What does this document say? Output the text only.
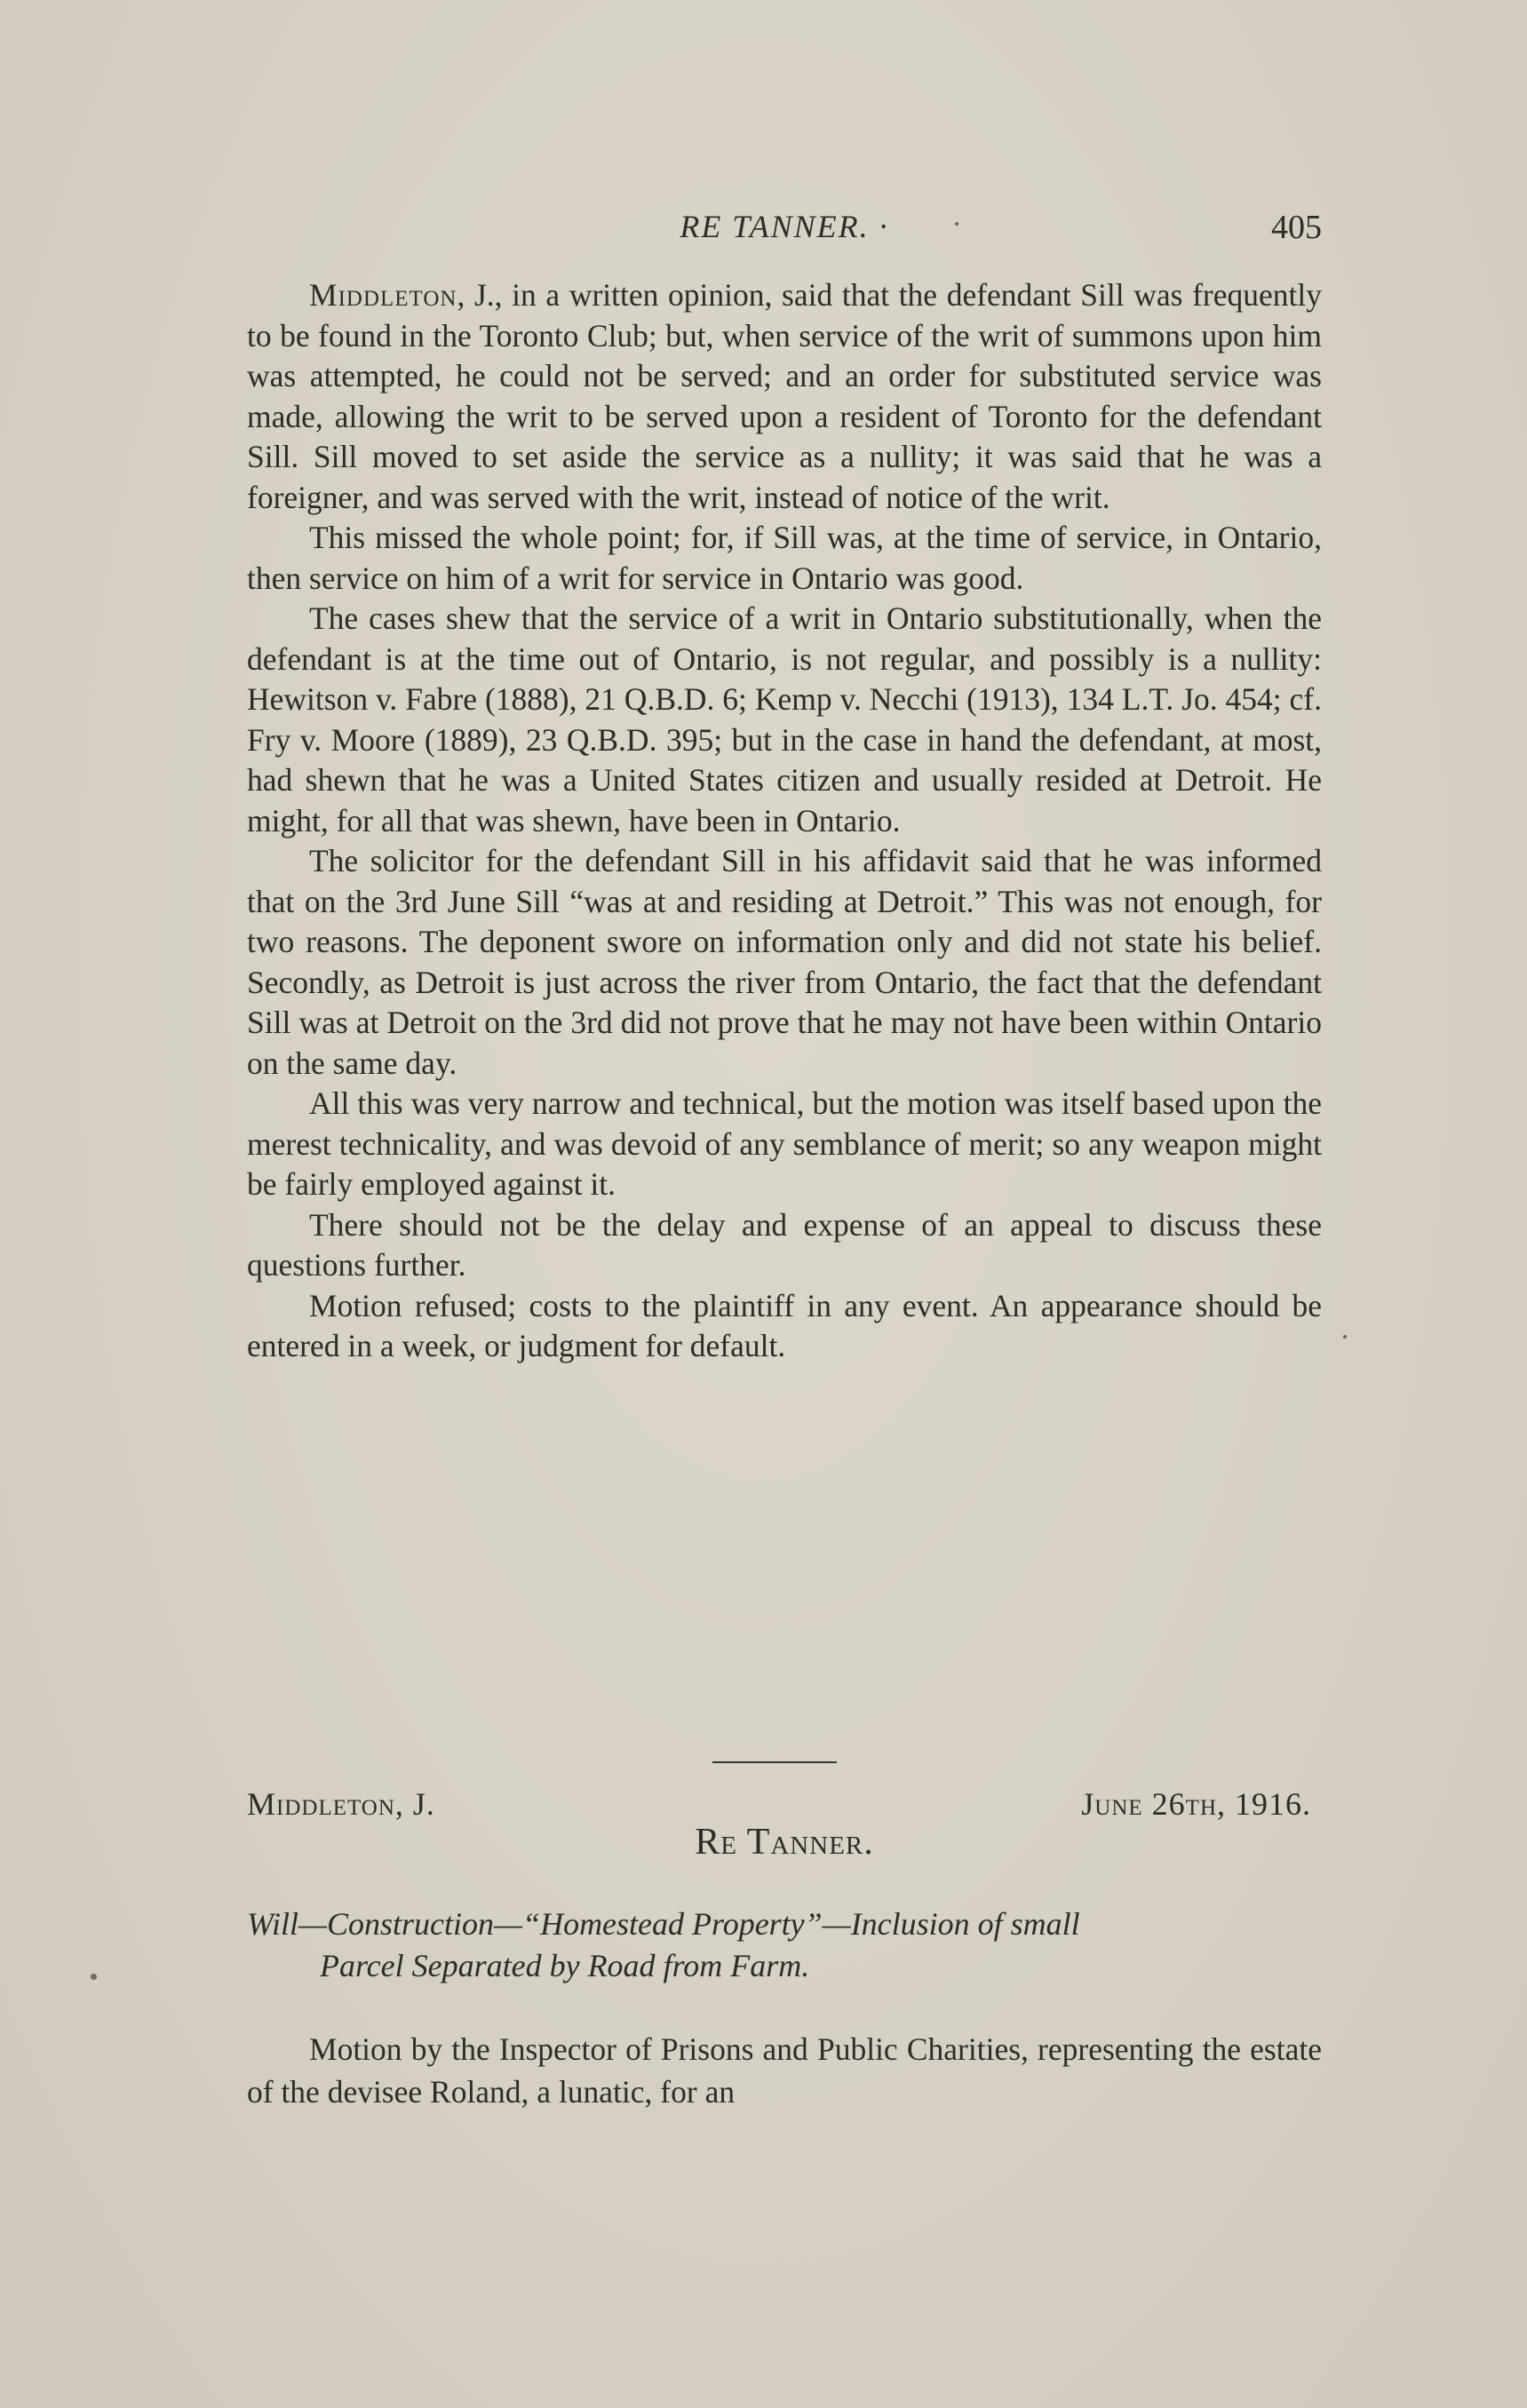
RE TANNER. ·	405

Middleton, J., in a written opinion, said that the defendant Sill was frequently to be found in the Toronto Club; but, when service of the writ of summons upon him was attempted, he could not be served; and an order for substituted service was made, allowing the writ to be served upon a resident of Toronto for the defendant Sill. Sill moved to set aside the service as a nullity; it was said that he was a foreigner, and was served with the writ, instead of notice of the writ.

This missed the whole point; for, if Sill was, at the time of service, in Ontario, then service on him of a writ for service in Ontario was good.

The cases shew that the service of a writ in Ontario substitutionally, when the defendant is at the time out of Ontario, is not regular, and possibly is a nullity: Hewitson v. Fabre (1888), 21 Q.B.D. 6; Kemp v. Necchi (1913), 134 L.T. Jo. 454; cf. Fry v. Moore (1889), 23 Q.B.D. 395; but in the case in hand the defendant, at most, had shewn that he was a United States citizen and usually resided at Detroit. He might, for all that was shewn, have been in Ontario.

The solicitor for the defendant Sill in his affidavit said that he was informed that on the 3rd June Sill “was at and residing at Detroit.” This was not enough, for two reasons. The deponent swore on information only and did not state his belief. Secondly, as Detroit is just across the river from Ontario, the fact that the defendant Sill was at Detroit on the 3rd did not prove that he may not have been within Ontario on the same day.

All this was very narrow and technical, but the motion was itself based upon the merest technicality, and was devoid of any semblance of merit; so any weapon might be fairly employed against it.

There should not be the delay and expense of an appeal to discuss these questions further.

Motion refused; costs to the plaintiff in any event. An appearance should be entered in a week, or judgment for default.

Middleton, J.	June 26th, 1916.
Re Tanner.
Will—Construction—“Homestead Property”—Inclusion of small
Parcel Separated by Road from Farm.

Motion by the Inspector of Prisons and Public Charities, representing the estate of the devisee Roland, a lunatic, for an
